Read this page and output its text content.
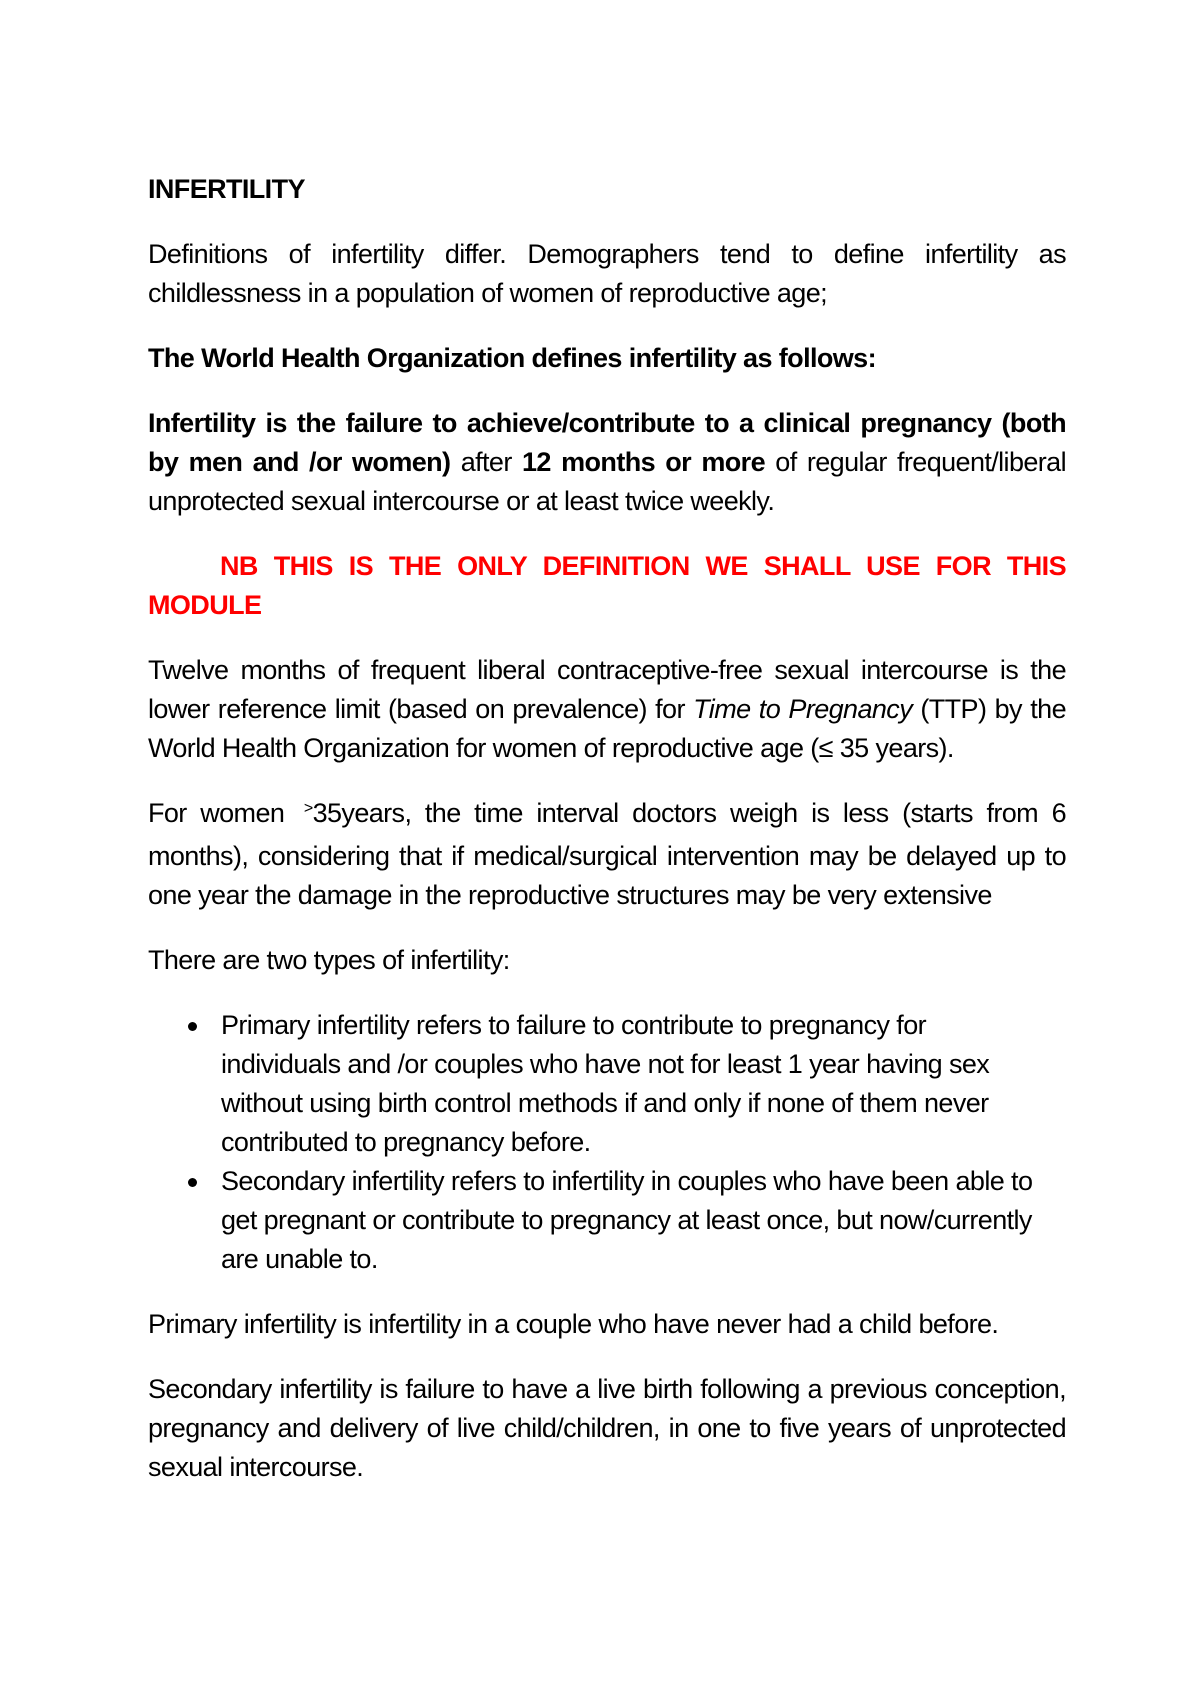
INFERTILITY

Definitions of infertility differ. Demographers tend to define infertility as childlessness in a population of women of reproductive age;

The World Health Organization defines infertility as follows:

Infertility is the failure to achieve/contribute to a clinical pregnancy (both by men and /or women) after 12 months or more of regular frequent/liberal unprotected sexual intercourse or at least twice weekly.

NB THIS IS THE ONLY DEFINITION WE SHALL USE FOR THIS MODULE

Twelve months of frequent liberal contraceptive-free sexual intercourse is the lower reference limit (based on prevalence) for Time to Pregnancy (TTP) by the World Health Organization for women of reproductive age (≤ 35 years).

For women >35years, the time interval doctors weigh is less (starts from 6 months), considering that if medical/surgical intervention may be delayed up to one year the damage in the reproductive structures may be very extensive

There are two types of infertility:

Primary infertility refers to failure to contribute to pregnancy for individuals and /or couples who have not for least 1 year having sex without using birth control methods if and only if none of them never contributed to pregnancy before.
Secondary infertility refers to infertility in couples who have been able to get pregnant or contribute to pregnancy at least once, but now/currently are unable to.

Primary infertility is infertility in a couple who have never had a child before.

Secondary infertility is failure to have a live birth following a previous conception, pregnancy and delivery of live child/children, in one to five years of unprotected sexual intercourse.
